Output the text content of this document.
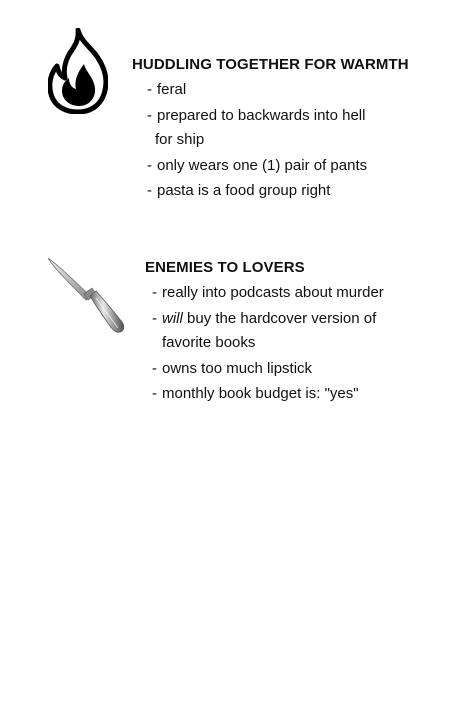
HUDDLING TOGETHER FOR WARMTH
- feral
- prepared to backwards into hell
for ship
- only wears one (1) pair of pants
- pasta is a food group right
ENEMIES TO LOVERS
- really into podcasts about murder
- will buy the hardcover version of
favorite books
- owns too much lipstick
- monthly book budget is: "yes"
